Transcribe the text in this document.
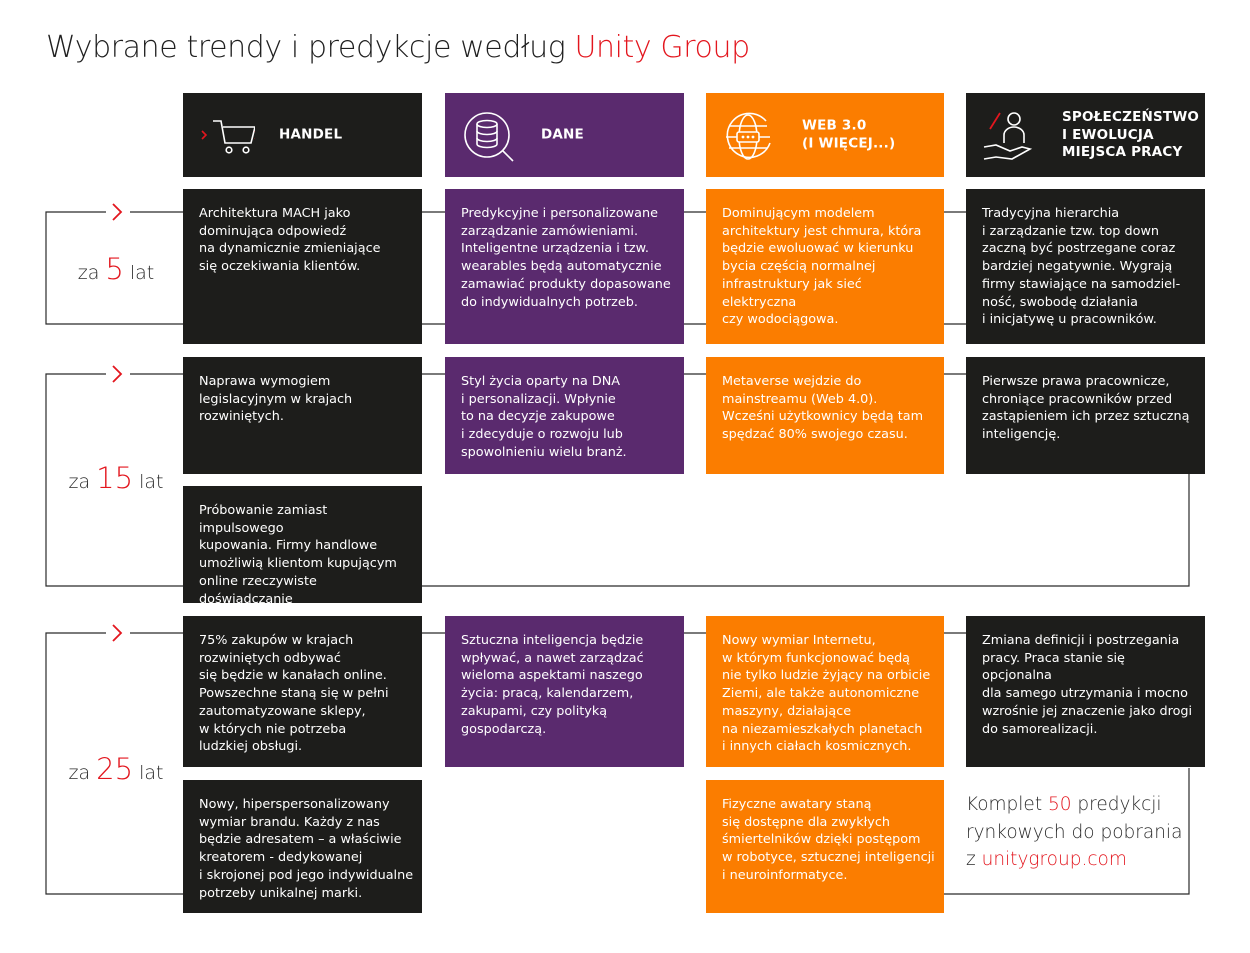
Wybrane trendy i predykcje według Unity Group
HANDEL	DANE
WEB 3.0
(I WIĘCEJ...)
SPOŁECZEŃSTWO
I EWOLUCJA
MIEJSCA PRACY
za 5 lat
za 15 lat
za 25 lat
Architektura MACH jako
dominująca odpowiedź
na dynamicznie zmieniające
się oczekiwania klientów.
Predykcyjne i personalizowane
zarządzanie zamówieniami.
Inteligentne urządzenia i tzw.
wearables będą automatycznie
zamawiać produkty dopasowane
do indywidualnych potrzeb.
Dominującym modelem
architektury jest chmura, która
będzie ewoluować w kierunku
bycia częścią normalnej
infrastruktury jak sieć elektryczna
czy wodociągowa.
Tradycyjna hierarchia
i zarządzanie tzw. top down
zaczną być postrzegane coraz
bardziej negatywnie. Wygrają
firmy stawiające na samodziel-
ność, swobodę działania
i inicjatywę u pracowników.
Naprawa wymogiem
legislacyjnym w krajach
rozwiniętych.
Styl życia oparty na DNA
i personalizacji. Wpłynie
to na decyzje zakupowe
i zdecyduje o rozwoju lub
spowolnieniu wielu branż.
Metaverse wejdzie do
mainstreamu (Web 4.0).
Wcześni użytkownicy będą tam
spędzać 80% swojego czasu.
Pierwsze prawa pracownicze,
chroniące pracowników przed
zastąpieniem ich przez sztuczną
inteligencję.
Próbowanie zamiast impulsowego
kupowania. Firmy handlowe
umożliwią klientom kupującym
online rzeczywiste doświadczanie

75% zakupów w krajach
rozwiniętych odbywać
się będzie w kanałach online.
Powszechne staną się w pełni
zautomatyzowane sklepy,
w których nie potrzeba
ludzkiej obsługi.
Sztuczna inteligencja będzie
wpływać, a nawet zarządzać
wieloma aspektami naszego
życia: pracą, kalendarzem,
zakupami, czy polityką
gospodarczą.
Nowy wymiar Internetu,
w którym funkcjonować będą
nie tylko ludzie żyjący na orbicie
Ziemi, ale także autonomiczne
maszyny, działające
na niezamieszkałych planetach
i innych ciałach kosmicznych.
Zmiana definicji i postrzegania
pracy. Praca stanie się opcjonalna
dla samego utrzymania i mocno
wzrośnie jej znaczenie jako drogi
do samorealizacji.
Nowy, hiperspersonalizowany
wymiar brandu. Każdy z nas
będzie adresatem – a właściwie
kreatorem - dedykowanej
i skrojonej pod jego indywidualne
potrzeby unikalnej marki.
Fizyczne awatary staną
się dostępne dla zwykłych
śmiertelników dzięki postępom
w robotyce, sztucznej inteligencji
i neuroinformatyce.
Komplet 50 predykcji
rynkowych do pobrania
z unitygroup.com
